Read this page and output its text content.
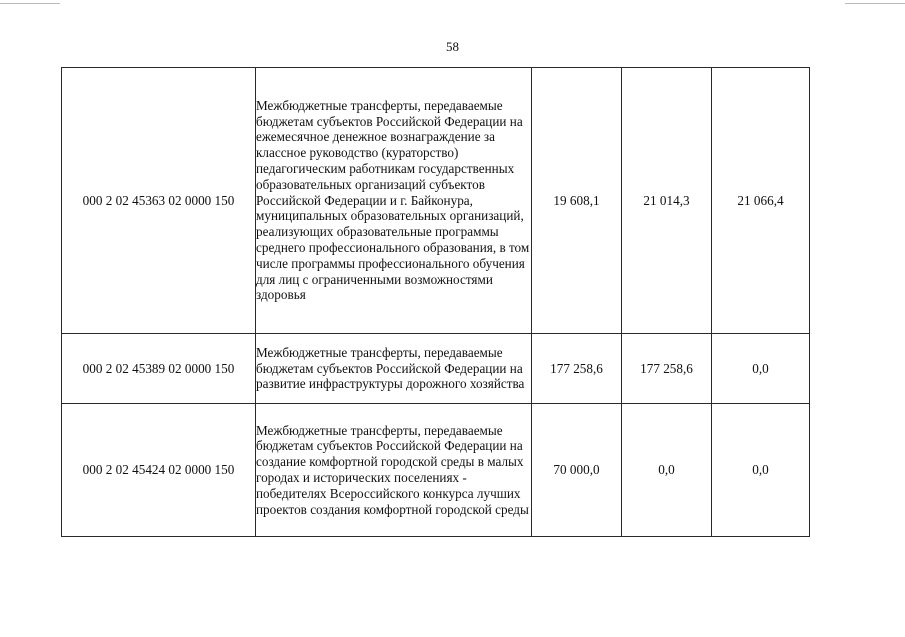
58
000 2 02 45363 02 0000 150	Межбюджетные трансферты, передаваемые бюджетам субъектов Российской Федерации на ежемесячное денежное вознаграждение за классное руководство (кураторство) педагогическим работникам государственных образовательных организаций субъектов Российской Федерации и г. Байконура, муниципальных образовательных организаций, реализующих образовательные программы среднего профессионального образования, в том числе программы профессионального обучения для лиц с ограниченными возможностями здоровья	19 608,1	21 014,3	21 066,4
000 2 02 45389 02 0000 150	Межбюджетные трансферты, передаваемые бюджетам субъектов Российской Федерации на развитие инфраструктуры дорожного хозяйства	177 258,6	177 258,6	0,0
000 2 02 45424 02 0000 150	Межбюджетные трансферты, передаваемые бюджетам субъектов Российской Федерации на создание комфортной городской среды в малых городах и исторических поселениях - победителях Всероссийского конкурса лучших проектов создания комфортной городской среды	70 000,0	0,0	0,0
